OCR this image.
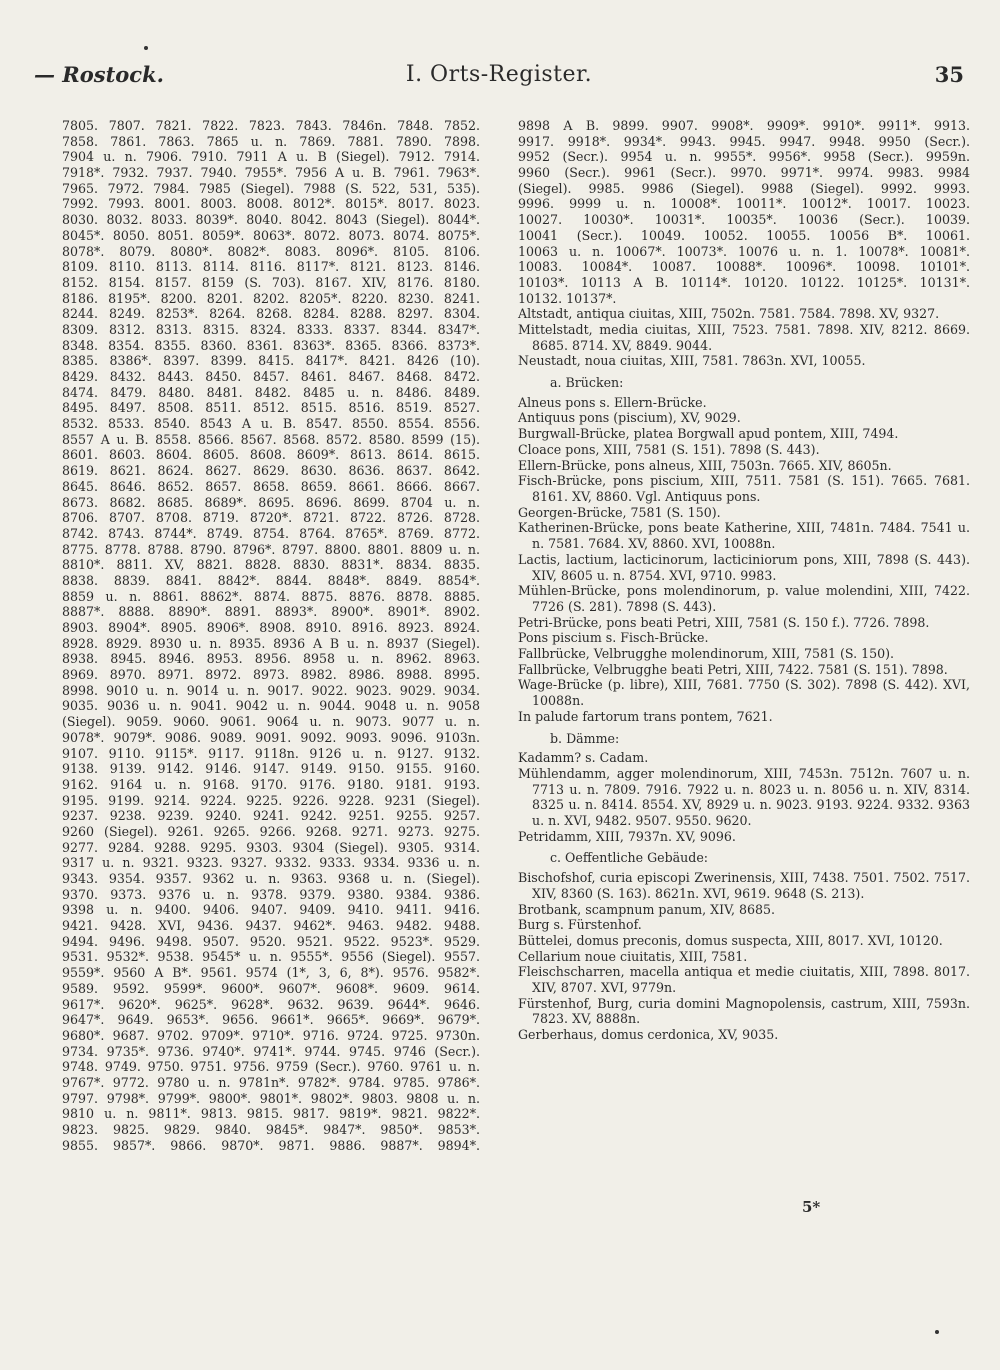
— Rostock.	I. Orts-Register.	35
7805. 7807. 7821. 7822. 7823. 7843. 7846n. 7848. 7852.
7858. 7861. 7863. 7865 u. n. 7869. 7881. 7890. 7898.
7904 u. n. 7906. 7910. 7911 A u. B (Siegel). 7912. 7914.
7918*. 7932. 7937. 7940. 7955*. 7956 A u. B. 7961. 7963*.
7965. 7972. 7984. 7985 (Siegel). 7988 (S. 522, 531, 535).
7992. 7993. 8001. 8003. 8008. 8012*. 8015*. 8017. 8023.
8030. 8032. 8033. 8039*. 8040. 8042. 8043 (Siegel). 8044*.
8045*. 8050. 8051. 8059*. 8063*. 8072. 8073. 8074. 8075*.
8078*. 8079. 8080*. 8082*. 8083. 8096*. 8105. 8106.
8109. 8110. 8113. 8114. 8116. 8117*. 8121. 8123. 8146.
8152. 8154. 8157. 8159 (S. 703). 8167. XIV, 8176. 8180.
8186. 8195*. 8200. 8201. 8202. 8205*. 8220. 8230. 8241.
8244. 8249. 8253*. 8264. 8268. 8284. 8288. 8297. 8304.
8309. 8312. 8313. 8315. 8324. 8333. 8337. 8344. 8347*.
8348. 8354. 8355. 8360. 8361. 8363*. 8365. 8366. 8373*.
8385. 8386*. 8397. 8399. 8415. 8417*. 8421. 8426 (10).
8429. 8432. 8443. 8450. 8457. 8461. 8467. 8468. 8472.
8474. 8479. 8480. 8481. 8482. 8485 u. n. 8486. 8489.
8495. 8497. 8508. 8511. 8512. 8515. 8516. 8519. 8527.
8532. 8533. 8540. 8543 A u. B. 8547. 8550. 8554. 8556.
8557 A u. B. 8558. 8566. 8567. 8568. 8572. 8580. 8599 (15).
8601. 8603. 8604. 8605. 8608. 8609*. 8613. 8614. 8615.
8619. 8621. 8624. 8627. 8629. 8630. 8636. 8637. 8642.
8645. 8646. 8652. 8657. 8658. 8659. 8661. 8666. 8667.
8673. 8682. 8685. 8689*. 8695. 8696. 8699. 8704 u. n.
8706. 8707. 8708. 8719. 8720*. 8721. 8722. 8726. 8728.
8742. 8743. 8744*. 8749. 8754. 8764. 8765*. 8769. 8772.
8775. 8778. 8788. 8790. 8796*. 8797. 8800. 8801. 8809 u. n.
8810*. 8811. XV, 8821. 8828. 8830. 8831*. 8834. 8835.
8838. 8839. 8841. 8842*. 8844. 8848*. 8849. 8854*.
8859 u. n. 8861. 8862*. 8874. 8875. 8876. 8878. 8885.
8887*. 8888. 8890*. 8891. 8893*. 8900*. 8901*. 8902.
8903. 8904*. 8905. 8906*. 8908. 8910. 8916. 8923. 8924.
8928. 8929. 8930 u. n. 8935. 8936 A B u. n. 8937 (Siegel).
8938. 8945. 8946. 8953. 8956. 8958 u. n. 8962. 8963.
8969. 8970. 8971. 8972. 8973. 8982. 8986. 8988. 8995.
8998. 9010 u. n. 9014 u. n. 9017. 9022. 9023. 9029. 9034.
9035. 9036 u. n. 9041. 9042 u. n. 9044. 9048 u. n. 9058
(Siegel). 9059. 9060. 9061. 9064 u. n. 9073. 9077 u. n.
9078*. 9079*. 9086. 9089. 9091. 9092. 9093. 9096. 9103n.
9107. 9110. 9115*. 9117. 9118n. 9126 u. n. 9127. 9132.
9138. 9139. 9142. 9146. 9147. 9149. 9150. 9155. 9160.
9162. 9164 u. n. 9168. 9170. 9176. 9180. 9181. 9193.
9195. 9199. 9214. 9224. 9225. 9226. 9228. 9231 (Siegel).
9237. 9238. 9239. 9240. 9241. 9242. 9251. 9255. 9257.
9260 (Siegel). 9261. 9265. 9266. 9268. 9271. 9273. 9275.
9277. 9284. 9288. 9295. 9303. 9304 (Siegel). 9305. 9314.
9317 u. n. 9321. 9323. 9327. 9332. 9333. 9334. 9336 u. n.
9343. 9354. 9357. 9362 u. n. 9363. 9368 u. n. (Siegel).
9370. 9373. 9376 u. n. 9378. 9379. 9380. 9384. 9386.
9398 u. n. 9400. 9406. 9407. 9409. 9410. 9411. 9416.
9421. 9428. XVI, 9436. 9437. 9462*. 9463. 9482. 9488.
9494. 9496. 9498. 9507. 9520. 9521. 9522. 9523*. 9529.
9531. 9532*. 9538. 9545* u. n. 9555*. 9556 (Siegel). 9557.
9559*. 9560 A B*. 9561. 9574 (1*, 3, 6, 8*). 9576. 9582*.
9589. 9592. 9599*. 9600*. 9607*. 9608*. 9609. 9614.
9617*. 9620*. 9625*. 9628*. 9632. 9639. 9644*. 9646.
9647*. 9649. 9653*. 9656. 9661*. 9665*. 9669*. 9679*.
9680*. 9687. 9702. 9709*. 9710*. 9716. 9724. 9725. 9730n.
9734. 9735*. 9736. 9740*. 9741*. 9744. 9745. 9746 (Secr.).
9748. 9749. 9750. 9751. 9756. 9759 (Secr.). 9760. 9761 u. n.
9767*. 9772. 9780 u. n. 9781n*. 9782*. 9784. 9785. 9786*.
9797. 9798*. 9799*. 9800*. 9801*. 9802*. 9803. 9808 u. n.
9810 u. n. 9811*. 9813. 9815. 9817. 9819*. 9821. 9822*.
9823. 9825. 9829. 9840. 9845*. 9847*. 9850*. 9853*.
9855. 9857*. 9866. 9870*. 9871. 9886. 9887*. 9894*.
9898 A B. 9899. 9907. 9908*. 9909*. 9910*. 9911*. 9913.
9917. 9918*. 9934*. 9943. 9945. 9947. 9948. 9950 (Secr.).
9952 (Secr.). 9954 u. n. 9955*. 9956*. 9958 (Secr.). 9959n.
9960 (Secr.). 9961 (Secr.). 9970. 9971*. 9974. 9983. 9984
(Siegel). 9985. 9986 (Siegel). 9988 (Siegel). 9992. 9993.
9996. 9999 u. n. 10008*. 10011*. 10012*. 10017. 10023.
10027. 10030*. 10031*. 10035*. 10036 (Secr.). 10039.
10041 (Secr.). 10049. 10052. 10055. 10056 B*. 10061.
10063 u. n. 10067*. 10073*. 10076 u. n. 1. 10078*. 10081*.
10083. 10084*. 10087. 10088*. 10096*. 10098. 10101*.
10103*. 10113 A B. 10114*. 10120. 10122. 10125*. 10131*.
10132. 10137*.
Altstadt, antiqua ciuitas, XIII, 7502n. 7581. 7584. 7898. XV, 9327.
Mittelstadt, media ciuitas, XIII, 7523. 7581. 7898. XIV, 8212. 8669. 8685. 8714. XV, 8849. 9044.
Neustadt, noua ciuitas, XIII, 7581. 7863n. XVI, 10055.
a. Brücken:
Alneus pons s. Ellern-Brücke.
Antiquus pons (piscium), XV, 9029.
Burgwall-Brücke, platea Borgwall apud pontem, XIII, 7494.
Cloace pons, XIII, 7581 (S. 151). 7898 (S. 443).
Ellern-Brücke, pons alneus, XIII, 7503n. 7665. XIV, 8605n.
Fisch-Brücke, pons piscium, XIII, 7511. 7581 (S. 151). 7665. 7681. 8161. XV, 8860. Vgl. Antiquus pons.
Georgen-Brücke, 7581 (S. 150).
Katherinen-Brücke, pons beate Katherine, XIII, 7481n. 7484. 7541 u. n. 7581. 7684. XV, 8860. XVI, 10088n.
Lactis, lactium, lacticinorum, lacticiniorum pons, XIII, 7898 (S. 443). XIV, 8605 u. n. 8754. XVI, 9710. 9983.
Mühlen-Brücke, pons molendinorum, p. value molendini, XIII, 7422. 7726 (S. 281). 7898 (S. 443).
Petri-Brücke, pons beati Petri, XIII, 7581 (S. 150 f.). 7726. 7898.
Pons piscium s. Fisch-Brücke.
Fallbrücke, Velbrugghe molendinorum, XIII, 7581 (S. 150).
Fallbrücke, Velbrugghe beati Petri, XIII, 7422. 7581 (S. 151). 7898.
Wage-Brücke (p. libre), XIII, 7681. 7750 (S. 302). 7898 (S. 442). XVI, 10088n.
In palude fartorum trans pontem, 7621.
b. Dämme:
Kadamm? s. Cadam.
Mühlendamm, agger molendinorum, XIII, 7453n. 7512n. 7607 u. n. 7713 u. n. 7809. 7916. 7922 u. n. 8023 u. n. 8056 u. n. XIV, 8314. 8325 u. n. 8414. 8554. XV, 8929 u. n. 9023. 9193. 9224. 9332. 9363 u. n. XVI, 9482. 9507. 9550. 9620.
Petridamm, XIII, 7937n. XV, 9096.
c. Oeffentliche Gebäude:
Bischofshof, curia episcopi Zwerinensis, XIII, 7438. 7501. 7502. 7517. XIV, 8360 (S. 163). 8621n. XVI, 9619. 9648 (S. 213).
Brotbank, scampnum panum, XIV, 8685.
Burg s. Fürstenhof.
Büttelei, domus preconis, domus suspecta, XIII, 8017. XVI, 10120.
Cellarium noue ciuitatis, XIII, 7581.
Fleischscharren, macella antiqua et medie ciuitatis, XIII, 7898. 8017. XIV, 8707. XVI, 9779n.
Fürstenhof, Burg, curia domini Magnopolensis, castrum, XIII, 7593n. 7823. XV, 8888n.
Gerberhaus, domus cerdonica, XV, 9035.
5*
